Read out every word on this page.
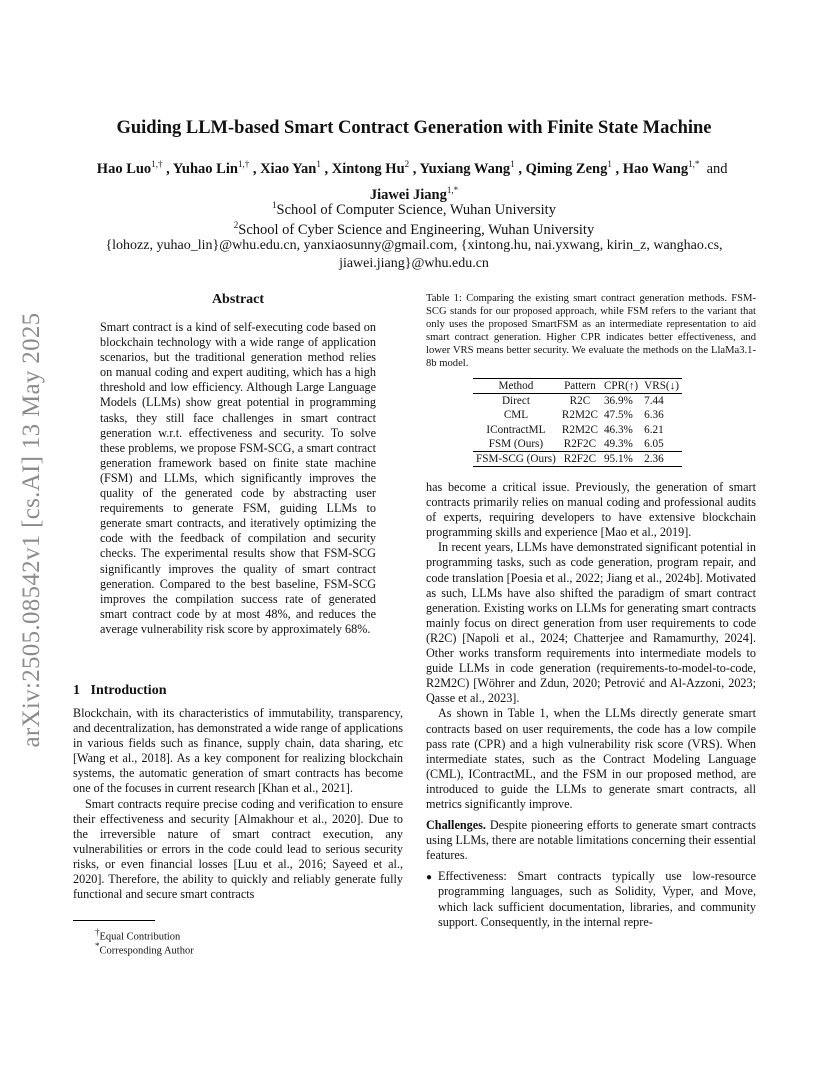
arXiv:2505.08542v1 [cs.AI] 13 May 2025
Guiding LLM-based Smart Contract Generation with Finite State Machine
Hao Luo$^{1,\dagger}$ , Yuhao Lin$^{1,\dagger}$ , Xiao Yan$^1$ , Xintong Hu$^2$ , Yuxiang Wang$^1$ , Qiming Zeng$^1$ , Hao Wang$^{1,*}$ and  Jiawei Jiang$^{1,*}$
$^1$School of Computer Science, Wuhan University
$^2$School of Cyber Science and Engineering, Wuhan University
{lohozz, yuhao_lin}@whu.edu.cn, yanxiaosunny@gmail.com, {xintong.hu, nai.yxwang, kirin_z, wanghao.cs, jiawei.jiang}@whu.edu.cn
Abstract
Smart contract is a kind of self-executing code based on blockchain technology with a wide range of application scenarios, but the traditional generation method relies on manual coding and expert auditing, which has a high threshold and low efficiency. Although Large Language Models (LLMs) show great potential in programming tasks, they still face challenges in smart contract generation w.r.t. effectiveness and security. To solve these problems, we propose FSM-SCG, a smart contract generation framework based on finite state machine (FSM) and LLMs, which significantly improves the quality of the generated code by abstracting user requirements to generate FSM, guiding LLMs to generate smart contracts, and iteratively optimizing the code with the feedback of compilation and security checks. The experimental results show that FSM-SCG significantly improves the quality of smart contract generation. Compared to the best baseline, FSM-SCG improves the compilation success rate of generated smart contract code by at most 48%, and reduces the average vulnerability risk score by approximately 68%.
1 Introduction

Blockchain, with its characteristics of immutability, transparency, and decentralization, has demonstrated a wide range of applications in various fields such as finance, supply chain, data sharing, etc [Wang et al., 2018]. As a key component for realizing blockchain systems, the automatic generation of smart contracts has become one of the focuses in current research [Khan et al., 2021].

Smart contracts require precise coding and verification to ensure their effectiveness and security [Almakhour et al., 2020]. Due to the irreversible nature of smart contract execution, any vulnerabilities or errors in the code could lead to serious security risks, or even financial losses [Luu et al., 2016; Sayeed et al., 2020]. Therefore, the ability to quickly and reliably generate fully functional and secure smart contracts

†Equal Contribution
*Corresponding Author
Table 1: Comparing the existing smart contract generation methods. FSM-SCG stands for our proposed approach, while FSM refers to the variant that only uses the proposed SmartFSM as an intermediate representation to aid smart contract generation. Higher CPR indicates better effectiveness, and lower VRS means better security. We evaluate the methods on the LlaMa3.1-8b model.
Method	Pattern	CPR(↑)	VRS(↓)
Direct	R2C	36.9%	7.44
CML	R2M2C	47.5%	6.36
IContractML	R2M2C	46.3%	6.21
FSM (Ours)	R2F2C	49.3%	6.05
FSM-SCG (Ours)	R2F2C	95.1%	2.36

has become a critical issue. Previously, the generation of smart contracts primarily relies on manual coding and professional audits of experts, requiring developers to have extensive blockchain programming skills and experience [Mao et al., 2019].

In recent years, LLMs have demonstrated significant potential in programming tasks, such as code generation, program repair, and code translation [Poesia et al., 2022; Jiang et al., 2024b]. Motivated as such, LLMs have also shifted the paradigm of smart contract generation. Existing works on LLMs for generating smart contracts mainly focus on direct generation from user requirements to code (R2C) [Napoli et al., 2024; Chatterjee and Ramamurthy, 2024]. Other works transform requirements into intermediate models to guide LLMs in code generation (requirements-to-model-to-code, R2M2C) [Wöhrer and Zdun, 2020; Petrović and Al-Azzoni, 2023; Qasse et al., 2023].

As shown in Table 1, when the LLMs directly generate smart contracts based on user requirements, the code has a low compile pass rate (CPR) and a high vulnerability risk score (VRS). When intermediate states, such as the Contract Modeling Language (CML), IContractML, and the FSM in our proposed method, are introduced to guide the LLMs to generate smart contracts, all metrics significantly improve.

Challenges. Despite pioneering efforts to generate smart contracts using LLMs, there are notable limitations concerning their essential features.

● Effectiveness: Smart contracts typically use low-resource programming languages, such as Solidity, Vyper, and Move, which lack sufficient documentation, libraries, and community support. Consequently, in the internal repre-
